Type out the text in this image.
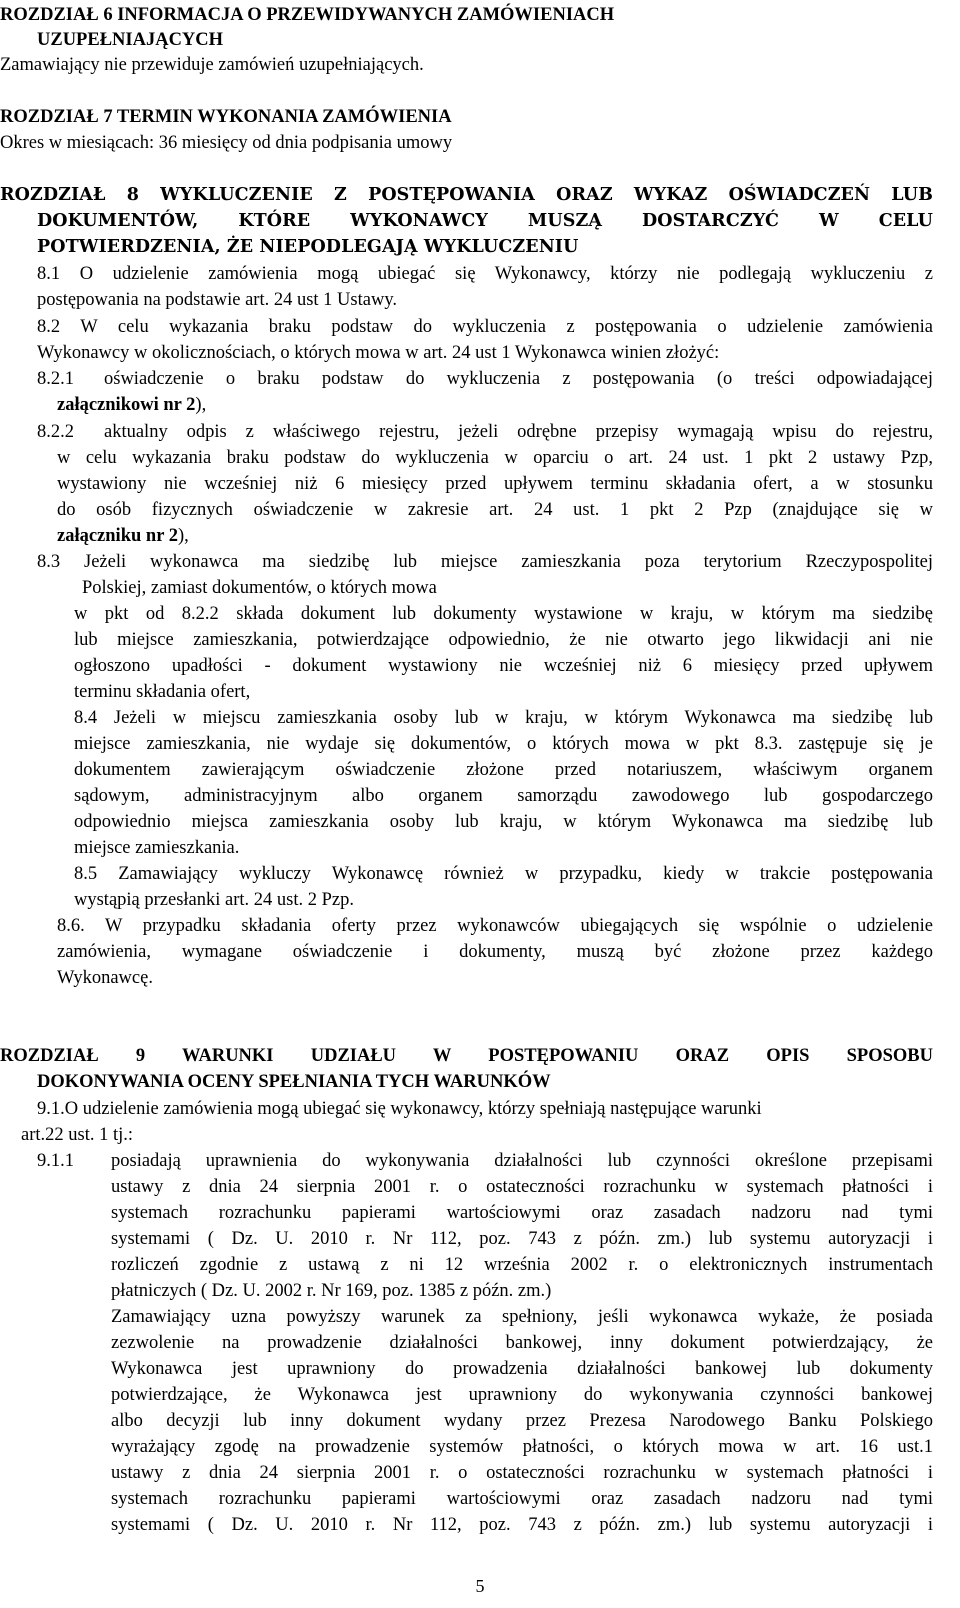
ROZDZIAŁ 6 INFORMACJA O PRZEWIDYWANYCH ZAMÓWIENIACH

UZUPEŁNIAJĄCYCH

Zamawiający nie przewiduje zamówień uzupełniających.

ROZDZIAŁ 7 TERMIN WYKONANIA ZAMÓWIENIA

Okres w miesiącach: 36 miesięcy od dnia podpisania umowy

ROZDZIAŁ 8 WYKLUCZENIE Z POSTĘPOWANIA ORAZ WYKAZ OŚWIADCZEŃ LUB

DOKUMENTÓW, KTÓRE WYKONAWCY MUSZĄ DOSTARCZYĆ W CELU

POTWIERDZENIA, ŻE NIEPODLEGAJĄ WYKLUCZENIU

8.1 O udzielenie zamówienia mogą ubiegać się Wykonawcy, którzy nie podlegają wykluczeniu z

postępowania na podstawie art. 24 ust 1 Ustawy.

8.2 W celu wykazania braku podstaw do wykluczenia z postępowania o udzielenie zamówienia

Wykonawcy w okolicznościach, o których mowa w art. 24 ust 1 Wykonawca winien złożyć:

8.2.1 oświadczenie o braku podstaw do wykluczenia z postępowania (o treści odpowiadającej

załącznikowi nr 2),

8.2.2 aktualny odpis z właściwego rejestru, jeżeli odrębne przepisy wymagają wpisu do rejestru,

w celu wykazania braku podstaw do wykluczenia w oparciu o art. 24 ust. 1 pkt 2 ustawy Pzp,

wystawiony nie wcześniej niż 6 miesięcy przed upływem terminu składania ofert, a w stosunku

do osób fizycznych oświadczenie w zakresie art. 24 ust. 1 pkt 2 Pzp (znajdujące się w

załączniku nr 2),

8.3 Jeżeli wykonawca ma siedzibę lub miejsce zamieszkania poza terytorium Rzeczypospolitej

Polskiej, zamiast dokumentów, o których mowa

w pkt od 8.2.2 składa dokument lub dokumenty wystawione w kraju, w którym ma siedzibę

lub miejsce zamieszkania, potwierdzające odpowiednio, że nie otwarto jego likwidacji ani nie

ogłoszono upadłości - dokument wystawiony nie wcześniej niż 6 miesięcy przed upływem

terminu składania ofert,

8.4 Jeżeli w miejscu zamieszkania osoby lub w kraju, w którym Wykonawca ma siedzibę lub

miejsce zamieszkania, nie wydaje się dokumentów, o których mowa w pkt 8.3. zastępuje się je

dokumentem zawierającym oświadczenie złożone przed notariuszem, właściwym organem

sądowym, administracyjnym albo organem samorządu zawodowego lub gospodarczego

odpowiednio miejsca zamieszkania osoby lub kraju, w którym Wykonawca ma siedzibę lub

miejsce zamieszkania.

8.5 Zamawiający wykluczy Wykonawcę również w przypadku, kiedy w trakcie postępowania

wystąpią przesłanki art. 24 ust. 2 Pzp.

8.6. W przypadku składania oferty przez wykonawców ubiegających się wspólnie o udzielenie

zamówienia, wymagane oświadczenie i dokumenty, muszą być złożone przez każdego

Wykonawcę.

ROZDZIAŁ 9 WARUNKI UDZIAŁU W POSTĘPOWANIU ORAZ OPIS SPOSOBU

DOKONYWANIA OCENY SPEŁNIANIA TYCH WARUNKÓW

9.1.O udzielenie zamówienia mogą ubiegać się wykonawcy, którzy spełniają następujące warunki

art.22 ust. 1 tj.:

9.1.1 posiadają uprawnienia do wykonywania działalności lub czynności określone przepisami

ustawy z dnia 24 sierpnia 2001 r. o ostateczności rozrachunku w systemach płatności i

systemach rozrachunku papierami wartościowymi oraz zasadach nadzoru nad tymi

systemami ( Dz. U. 2010 r. Nr 112, poz. 743 z późn. zm.) lub systemu autoryzacji i

rozliczeń zgodnie z ustawą z ni 12 września 2002 r. o elektronicznych instrumentach

płatniczych ( Dz. U. 2002 r. Nr 169, poz. 1385 z późn. zm.)

Zamawiający uzna powyższy warunek za spełniony, jeśli wykonawca wykaże, że posiada

zezwolenie na prowadzenie działalności bankowej, inny dokument potwierdzający, że

Wykonawca jest uprawniony do prowadzenia działalności bankowej lub dokumenty

potwierdzające, że Wykonawca jest uprawniony do wykonywania czynności bankowej

albo decyzji lub inny dokument wydany przez Prezesa Narodowego Banku Polskiego

wyrażający zgodę na prowadzenie systemów płatności, o których mowa w art. 16 ust.1

ustawy z dnia 24 sierpnia 2001 r. o ostateczności rozrachunku w systemach płatności i

systemach rozrachunku papierami wartościowymi oraz zasadach nadzoru nad tymi

systemami ( Dz. U. 2010 r. Nr 112, poz. 743 z późn. zm.) lub systemu autoryzacji i

5
